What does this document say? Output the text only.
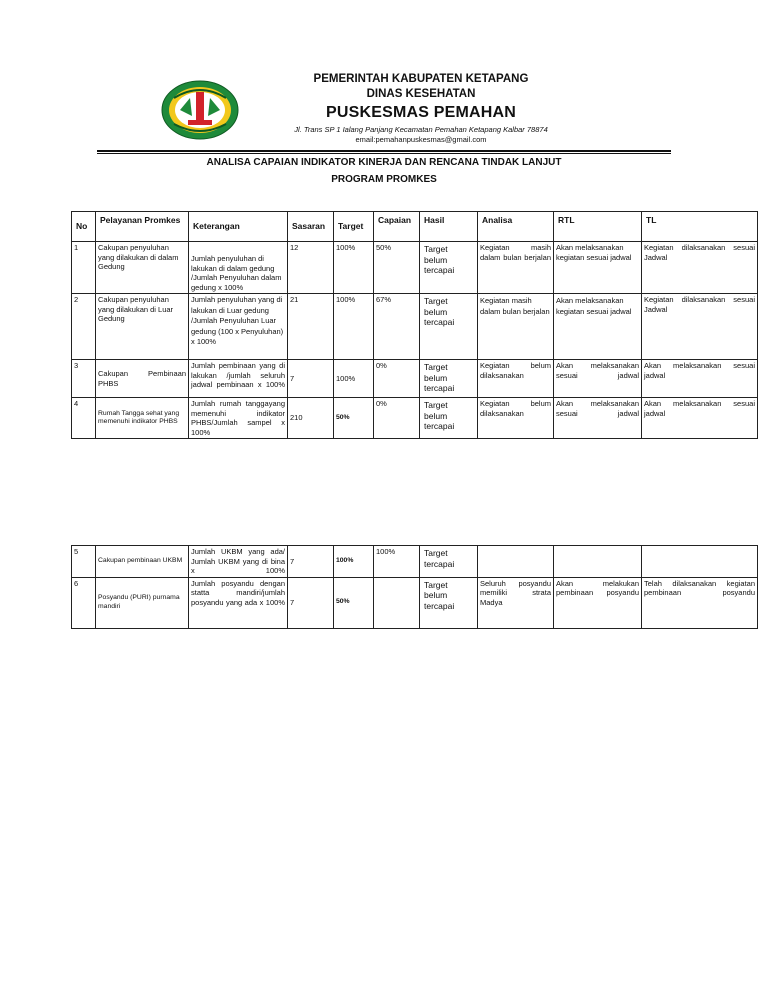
PEMERINTAH KABUPATEN KETAPANG
DINAS KESEHATAN
PUSKESMAS PEMAHAN
Jl. Trans SP 1 Ialang Panjang Kecamatan Pemahan Ketapang Kalbar 78874
email:pemahanpuskesmas@gmail.com
ANALISA CAPAIAN INDIKATOR KINERJA DAN RENCANA TINDAK LANJUT
PROGRAM PROMKES
No	Pelayanan Promkes	Keterangan	Sasaran	Target	Capaian	Hasil	Analisa	RTL	TL
1	Cakupan penyuluhan yang dilakukan di dalam Gedung	Jumlah penyuluhan di lakukan di dalam gedung /Jumlah Penyuluhan dalam gedung x 100%	12	100%	50%	Target belum tercapai	Kegiatan masih dalam bulan berjalan	Akan melaksanakan kegiatan sesuai jadwal	Kegiatan dilaksanakan sesuai Jadwal
2	Cakupan penyuluhan yang dilakukan di Luar Gedung	Jumlah penyuluhan yang di lakukan di Luar gedung /Jumlah Penyuluhan Luar gedung (100 x Penyuluhan) x 100%	21	100%	67%	Target belum tercapai	Kegiatan masih dalam bulan berjalan	Akan melaksanakan kegiatan sesuai jadwal	Kegiatan dilaksanakan sesuai Jadwal
3	Cakupan Pembinaan PHBS	Jumlah pembinaan yang di lakukan /jumlah seluruh jadwal pembinaan x 100%	7	100%	0%	Target belum tercapai	Kegiatan belum dilaksanakan	Akan melaksanakan sesuai jadwal	Akan melaksanakan sesuai jadwal
4	Rumah Tangga sehat yang memenuhi indikator PHBS	Jumlah rumah tanggayang memenuhi indikator PHBS/Jumlah sampel x 100%	210	50%	0%	Target belum tercapai	Kegiatan belum dilaksanakan	Akan melaksanakan sesuai jadwal	Akan melaksanakan sesuai jadwal
5	Cakupan pembinaan UKBM	Jumlah UKBM yang ada/ Jumlah UKBM yang di bina x 100%	7	100%	100%	Target tercapai			
6	Posyandu (PURI) purnama mandiri	Jumlah posyandu dengan statta mandiri/jumlah posyandu yang ada x 100%	7	50%		Target belum tercapai	Seluruh posyandu memiliki strata Madya	Akan melakukan pembinaan posyandu	Telah dilaksanakan kegiatan pembinaan posyandu
